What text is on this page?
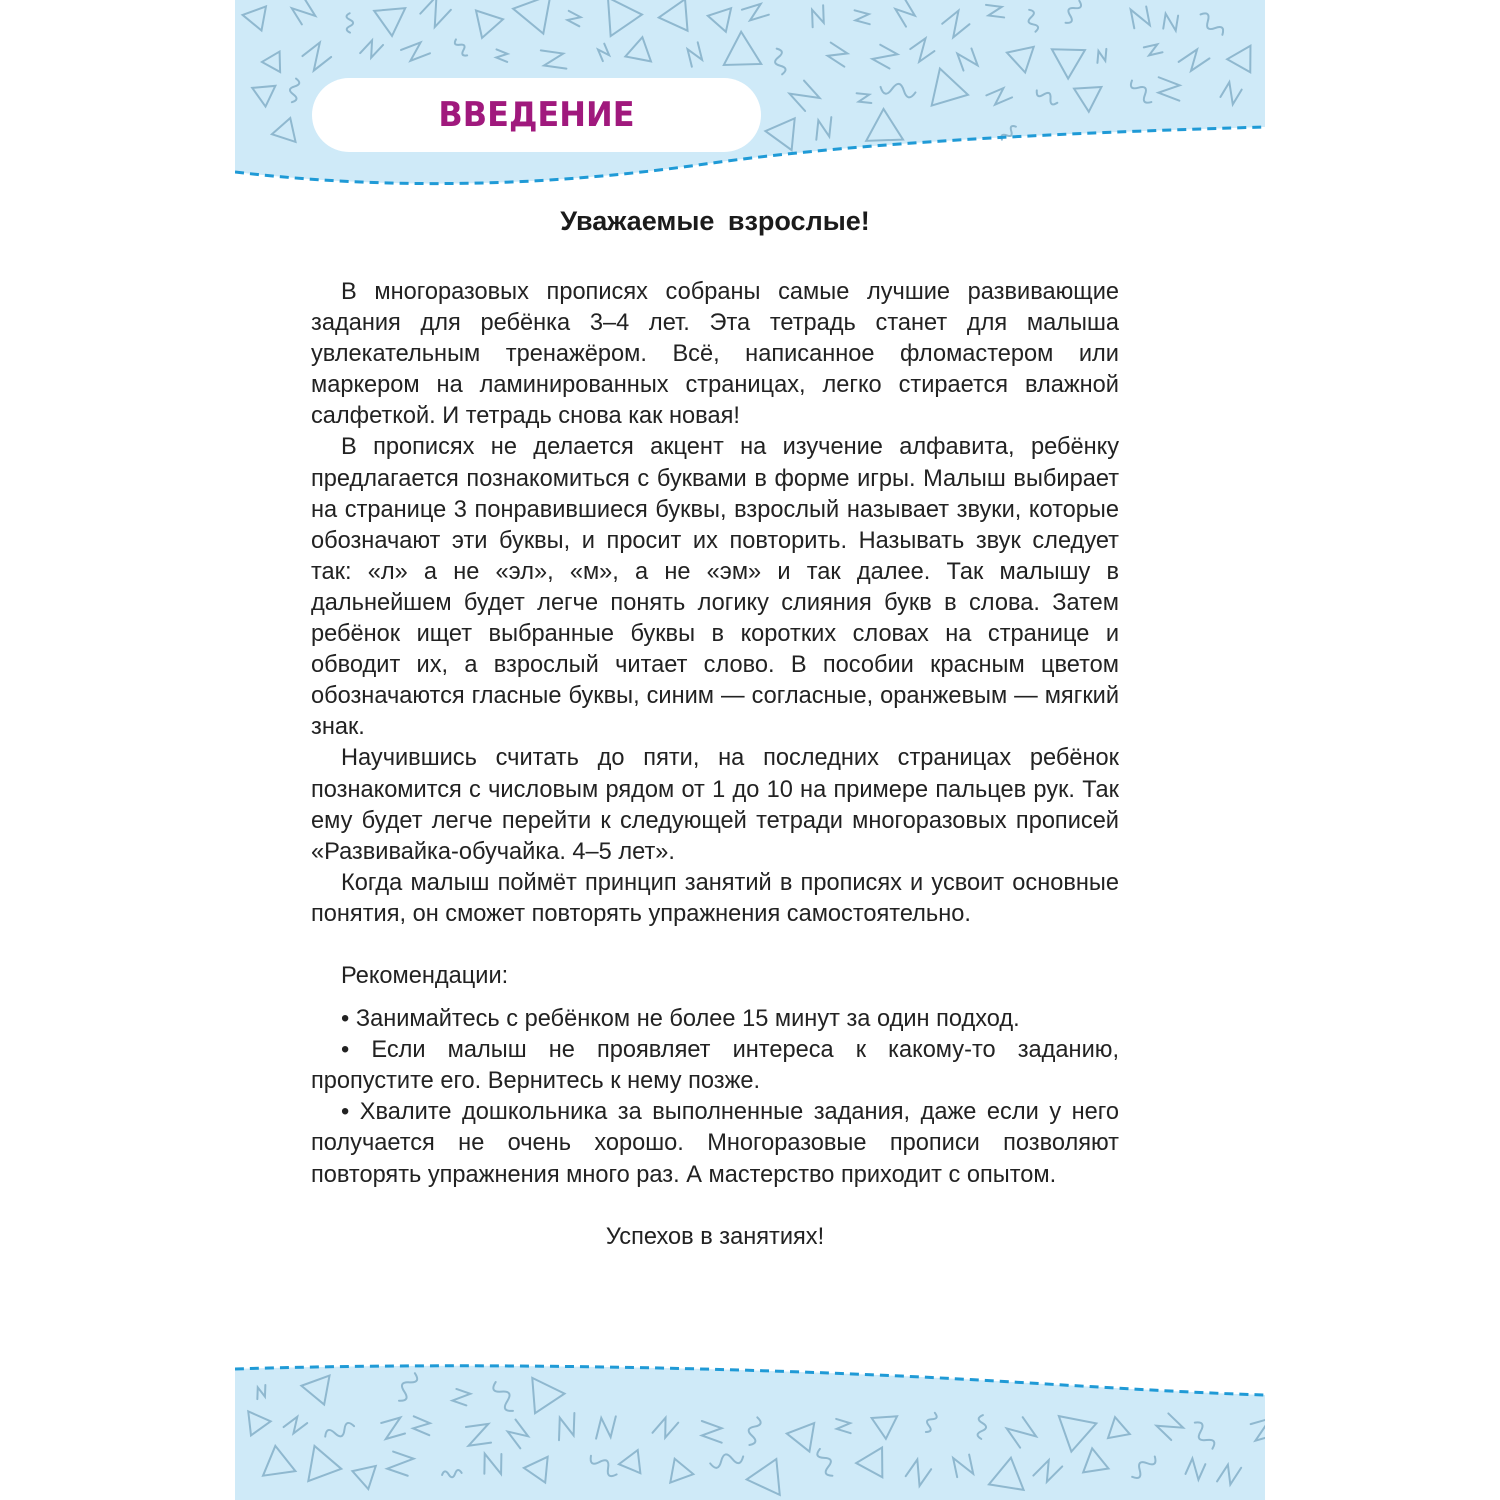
ВВЕДЕНИЕ
Уважаемые взрослые!

В многоразовых прописях собраны самые лучшие развивающие задания для ребёнка 3–4 лет. Эта тетрадь станет для малыша увлекательным тренажёром. Всё, написанное фломастером или маркером на ламинированных страницах, легко стирается влажной салфеткой. И тетрадь снова как новая!

В прописях не делается акцент на изучение алфавита, ребёнку предлагается познакомиться с буквами в форме игры. Малыш выбирает на странице 3 понравившиеся буквы, взрослый называет звуки, которые обозначают эти буквы, и просит их повторить. Называть звук следует так: «л» а не «эл», «м», а не «эм» и так далее. Так малышу в дальнейшем будет легче понять логику слияния букв в слова. Затем ребёнок ищет выбранные буквы в коротких словах на странице и обводит их, а взрослый читает слово. В пособии красным цветом обозначаются гласные буквы, синим — согласные, оранжевым — мягкий знак.

Научившись считать до пяти, на последних страницах ребёнок познакомится с числовым рядом от 1 до 10 на примере пальцев рук. Так ему будет легче перейти к следующей тетради многоразовых прописей «Развивайка-обучайка. 4–5 лет».

Когда малыш поймёт принцип занятий в прописях и усвоит основные понятия, он сможет повторять упражнения самостоятельно.

Рекомендации:

• Занимайтесь с ребёнком не более 15 минут за один подход.

• Если малыш не проявляет интереса к какому-то заданию, пропустите его. Вернитесь к нему позже.

• Хвалите дошкольника за выполненные задания, даже если у него получается не очень хорошо. Многоразовые прописи позволяют повторять упражнения много раз. А мастерство приходит с опытом.

Успехов в занятиях!
